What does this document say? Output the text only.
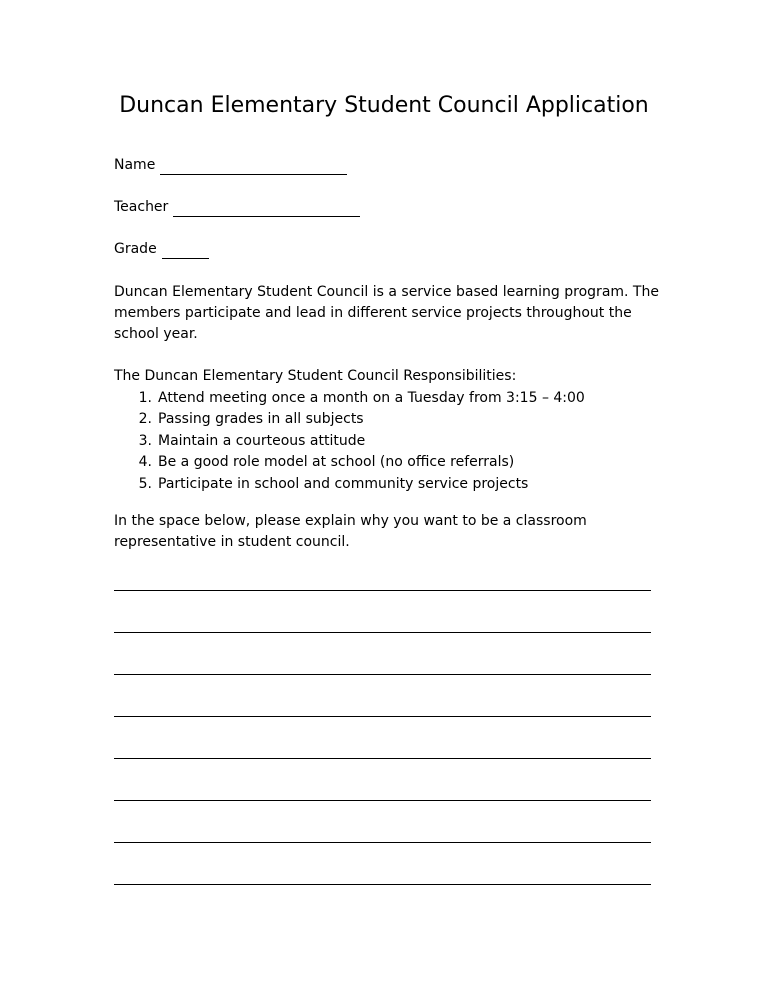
Duncan Elementary Student Council Application
Name
Teacher
Grade
Duncan Elementary Student Council is a service based learning program. The members participate and lead in different service projects throughout the school year.

The Duncan Elementary Student Council Responsibilities:

1. Attend meeting once a month on a Tuesday from 3:15 – 4:00
2. Passing grades in all subjects
3. Maintain a courteous attitude
4. Be a good role model at school (no office referrals)
5. Participate in school and community service projects
In the space below, please explain why you want to be a classroom representative in student council.
